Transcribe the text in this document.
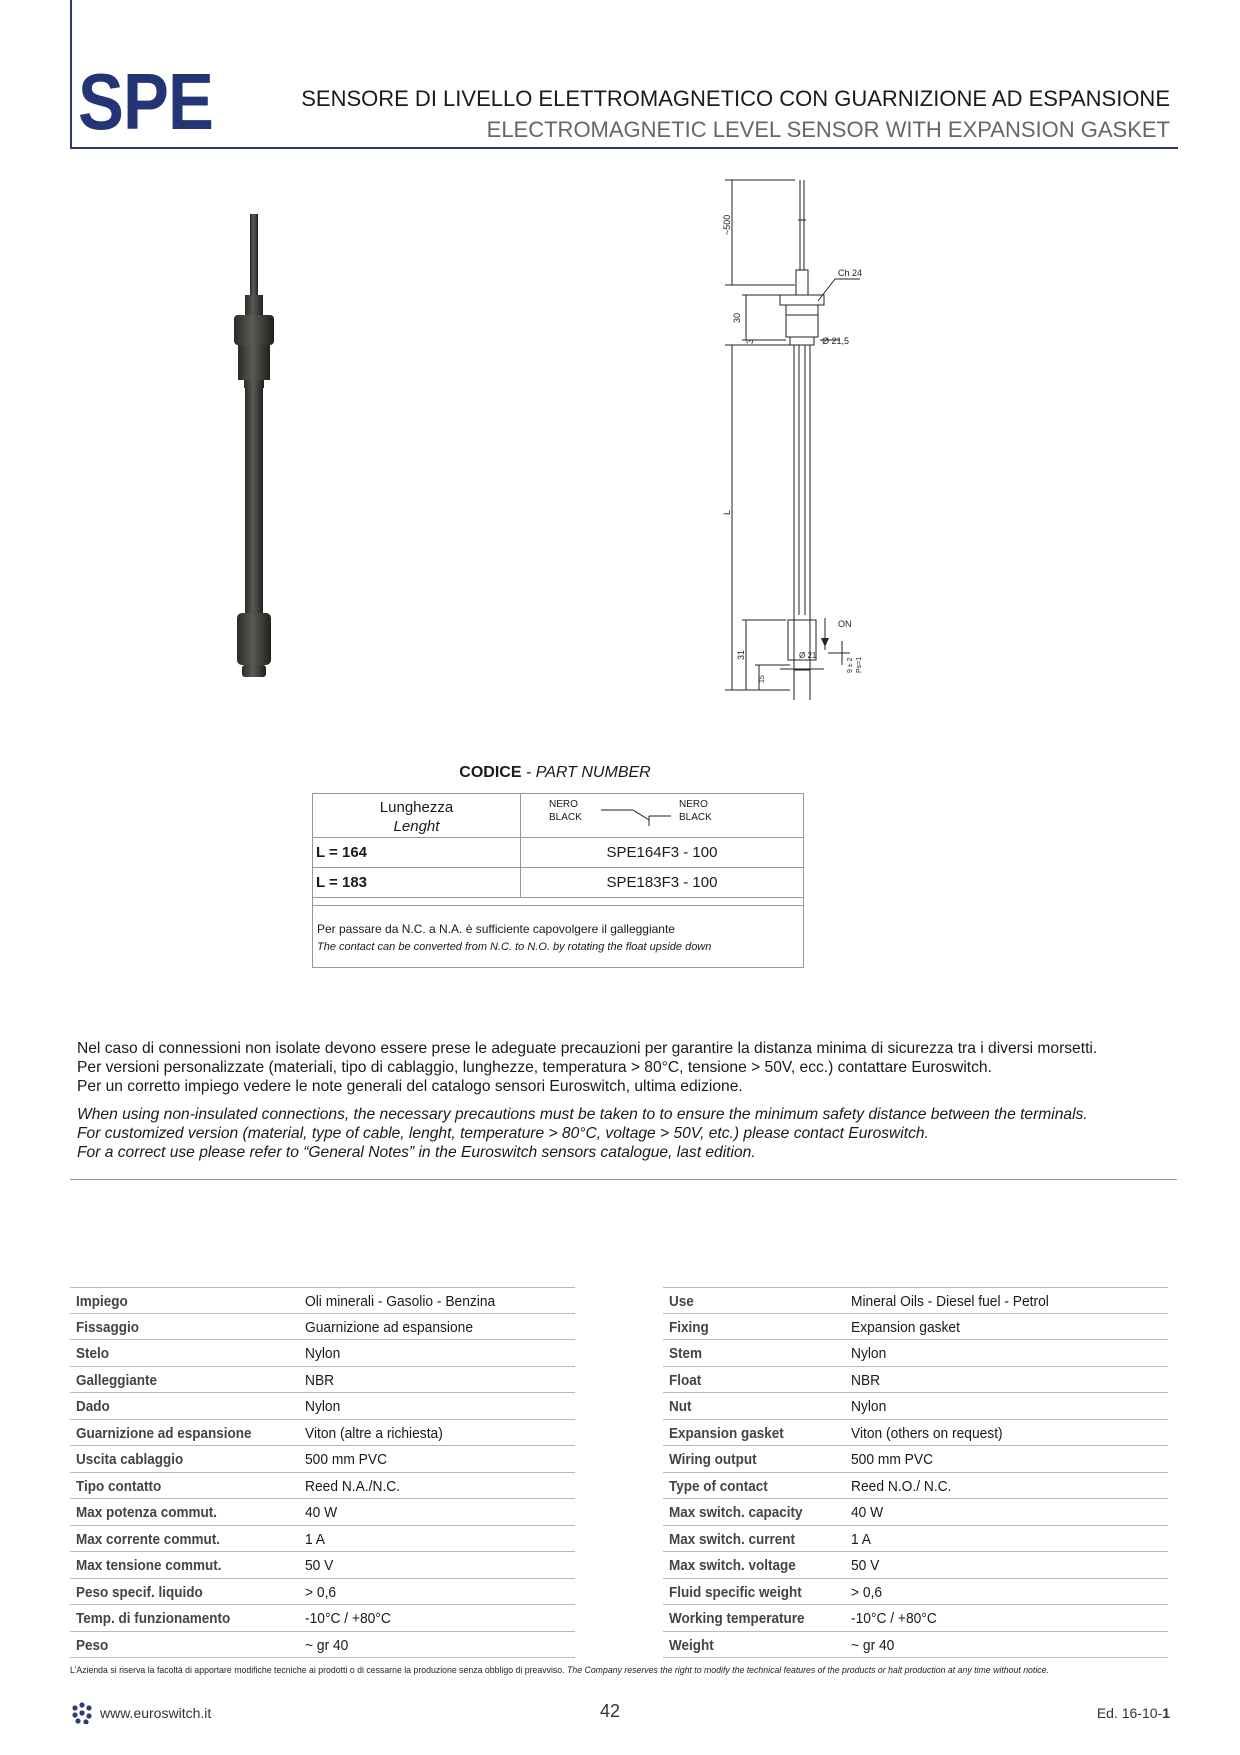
SPE	SENSORE DI LIVELLO ELETTROMAGNETICO CON GUARNIZIONE AD ESPANSIONE
ELECTROMAGNETIC LEVEL SENSOR WITH EXPANSION GASKET
~500
Ch 24
30
3	Ø 21,5
L
ON
31
15
Ø 21
9 ± 2 Ps=1
CODICE - PART NUMBER
Lunghezza
Lenght
NERO
BLACK
NERO
BLACK
L = 164	SPE164F3 - 100
L = 183	SPE183F3 - 100
Per passare da N.C. a N.A. è sufficiente capovolgere il galleggiante
The contact can be converted from N.C. to N.O. by rotating the float upside down

Nel caso di connessioni non isolate devono essere prese le adeguate precauzioni per garantire la distanza minima di sicurezza tra i diversi morsetti.

Per versioni personalizzate (materiali, tipo di cablaggio, lunghezze, temperatura > 80°C, tensione > 50V, ecc.) contattare Euroswitch.

Per un corretto impiego vedere le note generali del catalogo sensori Euroswitch, ultima edizione.

When using non-insulated connections, the necessary precautions must be taken to to ensure the minimum safety distance between the terminals.

For customized version (material, type of cable, lenght, temperature > 80°C, voltage > 50V, etc.) please contact Euroswitch.

For a correct use please refer to “General Notes” in the Euroswitch sensors catalogue, last edition.

Impiego	Oli minerali - Gasolio - Benzina
Fissaggio	Guarnizione ad espansione
Stelo	Nylon
Galleggiante	NBR
Dado	Nylon
Guarnizione ad espansione	Viton (altre a richiesta)
Uscita cablaggio	500 mm PVC
Tipo contatto	Reed N.A./N.C.
Max potenza commut.	40 W
Max corrente commut.	1 A
Max tensione commut.	50 V
Peso specif. liquido	> 0,6
Temp. di funzionamento	-10°C / +80°C
Peso	~ gr 40
Use	Mineral Oils - Diesel fuel - Petrol
Fixing	Expansion gasket
Stem	Nylon
Float	NBR
Nut	Nylon
Expansion gasket	Viton (others on request)
Wiring output	500 mm PVC
Type of contact	Reed N.O./ N.C.
Max switch. capacity	40 W
Max switch. current	1 A
Max switch. voltage	50 V
Fluid specific weight	> 0,6
Working temperature	-10°C / +80°C
Weight	~ gr 40
L’Azienda si riserva la facoltà di apportare modifiche tecniche ai prodotti o di cessarne la produzione senza obbligo di preavviso. The Company reserves the right to modify the technical features of the products or halt production at any time without notice.
www.euroswitch.it	42	Ed. 16-10-1
